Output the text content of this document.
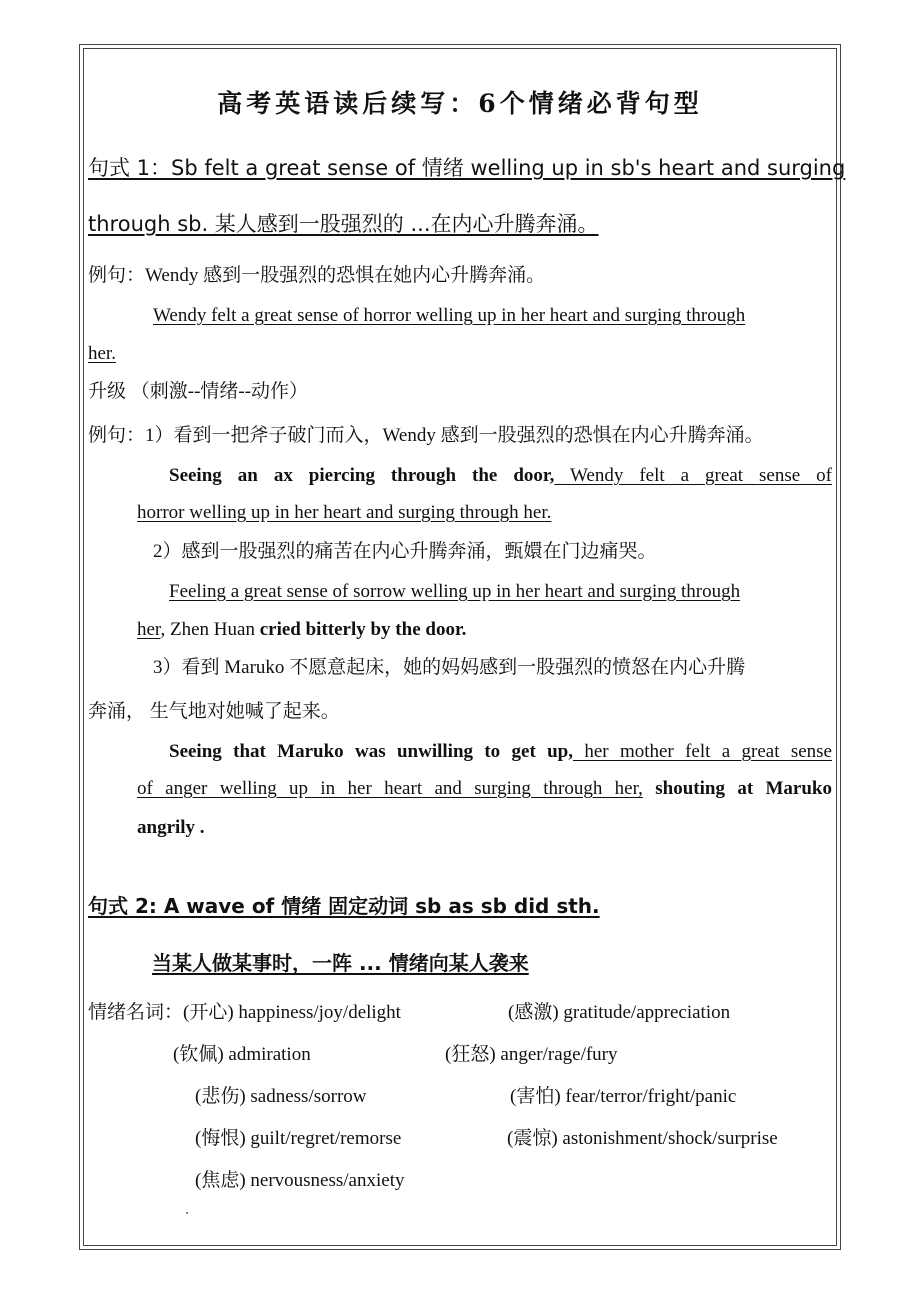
高考英语读后续写：6个情绪必背句型
句式 1：Sb felt a great sense of 情绪 welling up in sb's heart and surging
through sb. 某人感到一股强烈的 ...在内心升腾奔涌。
例句：Wendy 感到一股强烈的恐惧在她内心升腾奔涌。
Wendy felt a great sense of horror welling up in her heart and surging through
her.
升级 （刺激--情绪--动作）
例句：1）看到一把斧子破门而入，Wendy 感到一股强烈的恐惧在内心升腾奔涌。
Seeing an ax piercing through the door, Wendy felt a great sense of
horror welling up in her heart and surging through her.
2）感到一股强烈的痛苦在内心升腾奔涌，甄嬛在门边痛哭。
Feeling a great sense of sorrow welling up in her heart and surging through
her, Zhen Huan cried bitterly by the door.
3）看到 Maruko 不愿意起床，她的妈妈感到一股强烈的愤怒在内心升腾
奔涌， 生气地对她喊了起来。
Seeing that Maruko was unwilling to get up, her mother felt a great sense
of anger welling up in her heart and surging through her, shouting at Maruko
angrily .
句式 2: A wave of 情绪 固定动词 sb as sb did sth.
当某人做某事时，一阵 ... 情绪向某人袭来
情绪名词：(开心) happiness/joy/delight	(感激) gratitude/appreciation
(钦佩) admiration	(狂怒) anger/rage/fury
(悲伤) sadness/sorrow	(害怕) fear/terror/fright/panic
(悔恨) guilt/regret/remorse	(震惊) astonishment/shock/surprise
(焦虑) nervousness/anxiety
